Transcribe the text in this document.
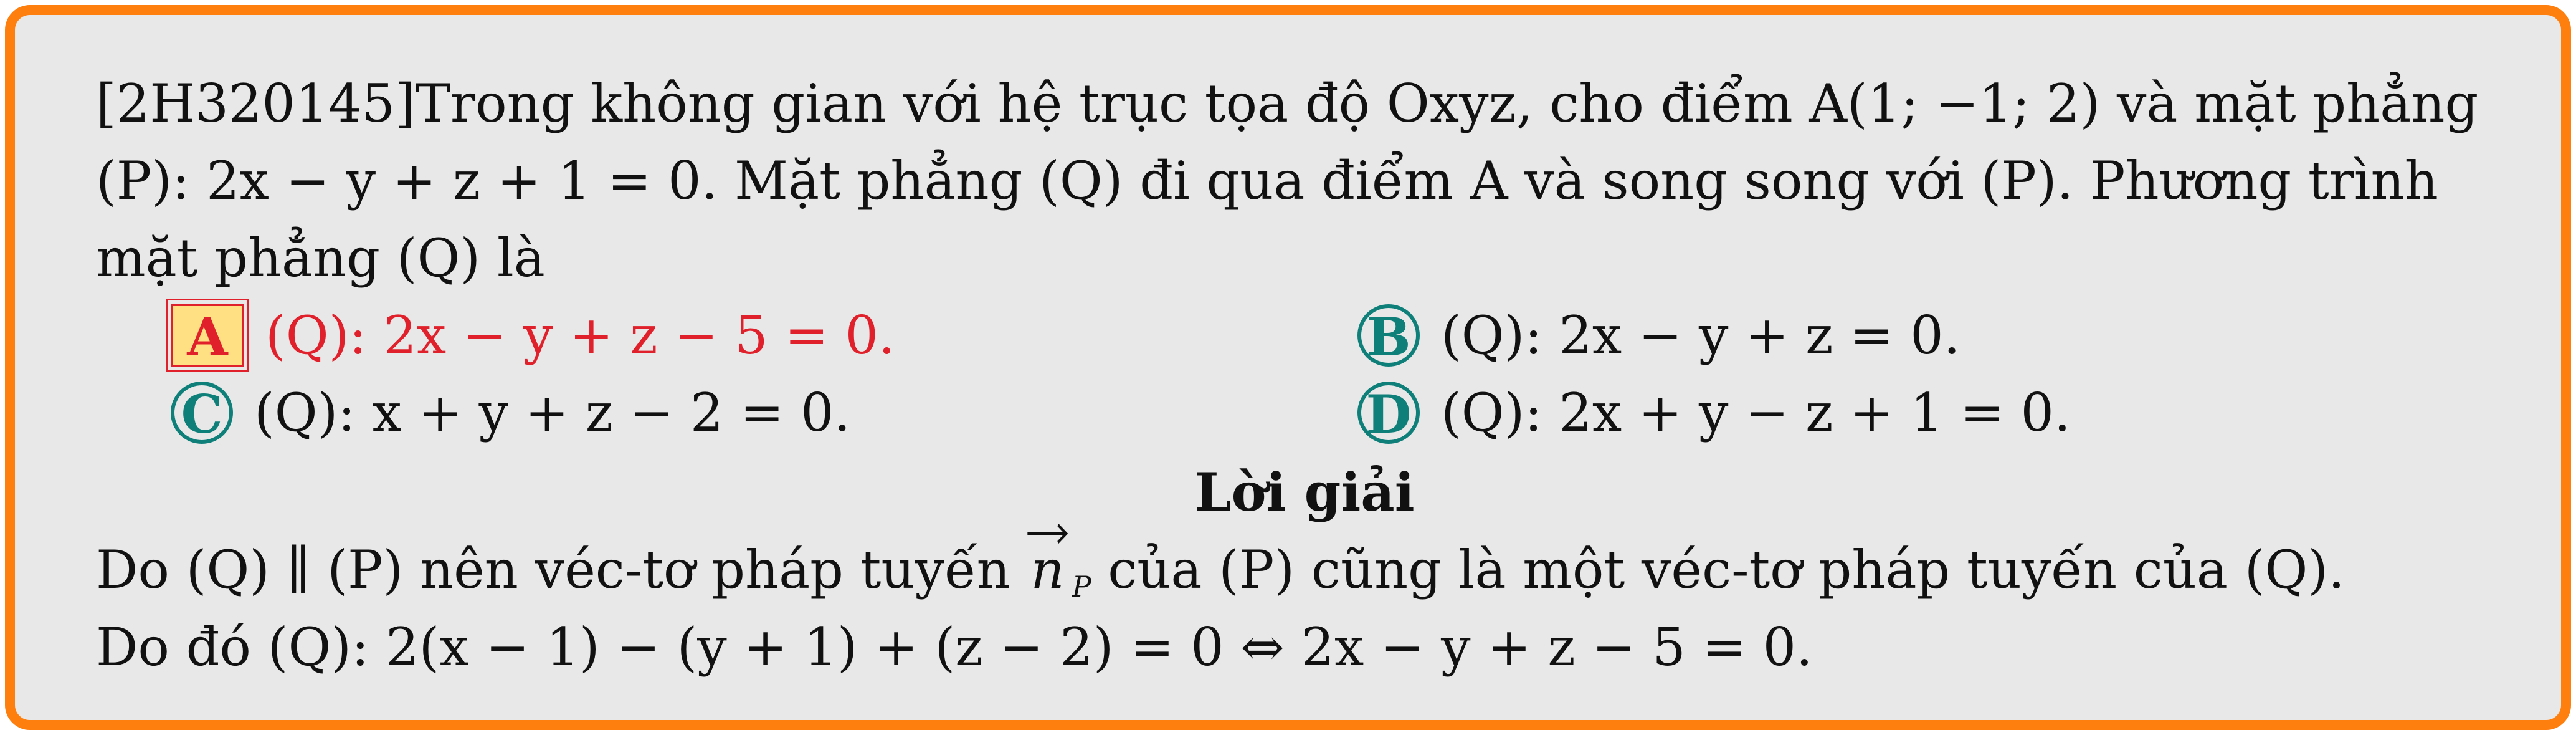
[2H320145]Trong không gian với hệ trục tọa độ Oxyz, cho điểm A(1; −1; 2) và mặt phẳng
(P): 2x − y + z + 1 = 0. Mặt phẳng (Q) đi qua điểm A và song song với (P). Phương trình
mặt phẳng (Q) là
A (Q): 2x − y + z − 5 = 0.	B (Q): 2x − y + z = 0.
C (Q): x + y + z − 2 = 0.	D (Q): 2x + y − z + 1 = 0.
Lời giải
Do (Q) ∥ (P) nên véc-tơ pháp tuyến n $_P$ của (P) cũng là một véc-tơ pháp tuyến của (Q).
Do đó (Q): 2(x − 1) − (y + 1) + (z − 2) = 0 ⇔ 2x − y + z − 5 = 0.
